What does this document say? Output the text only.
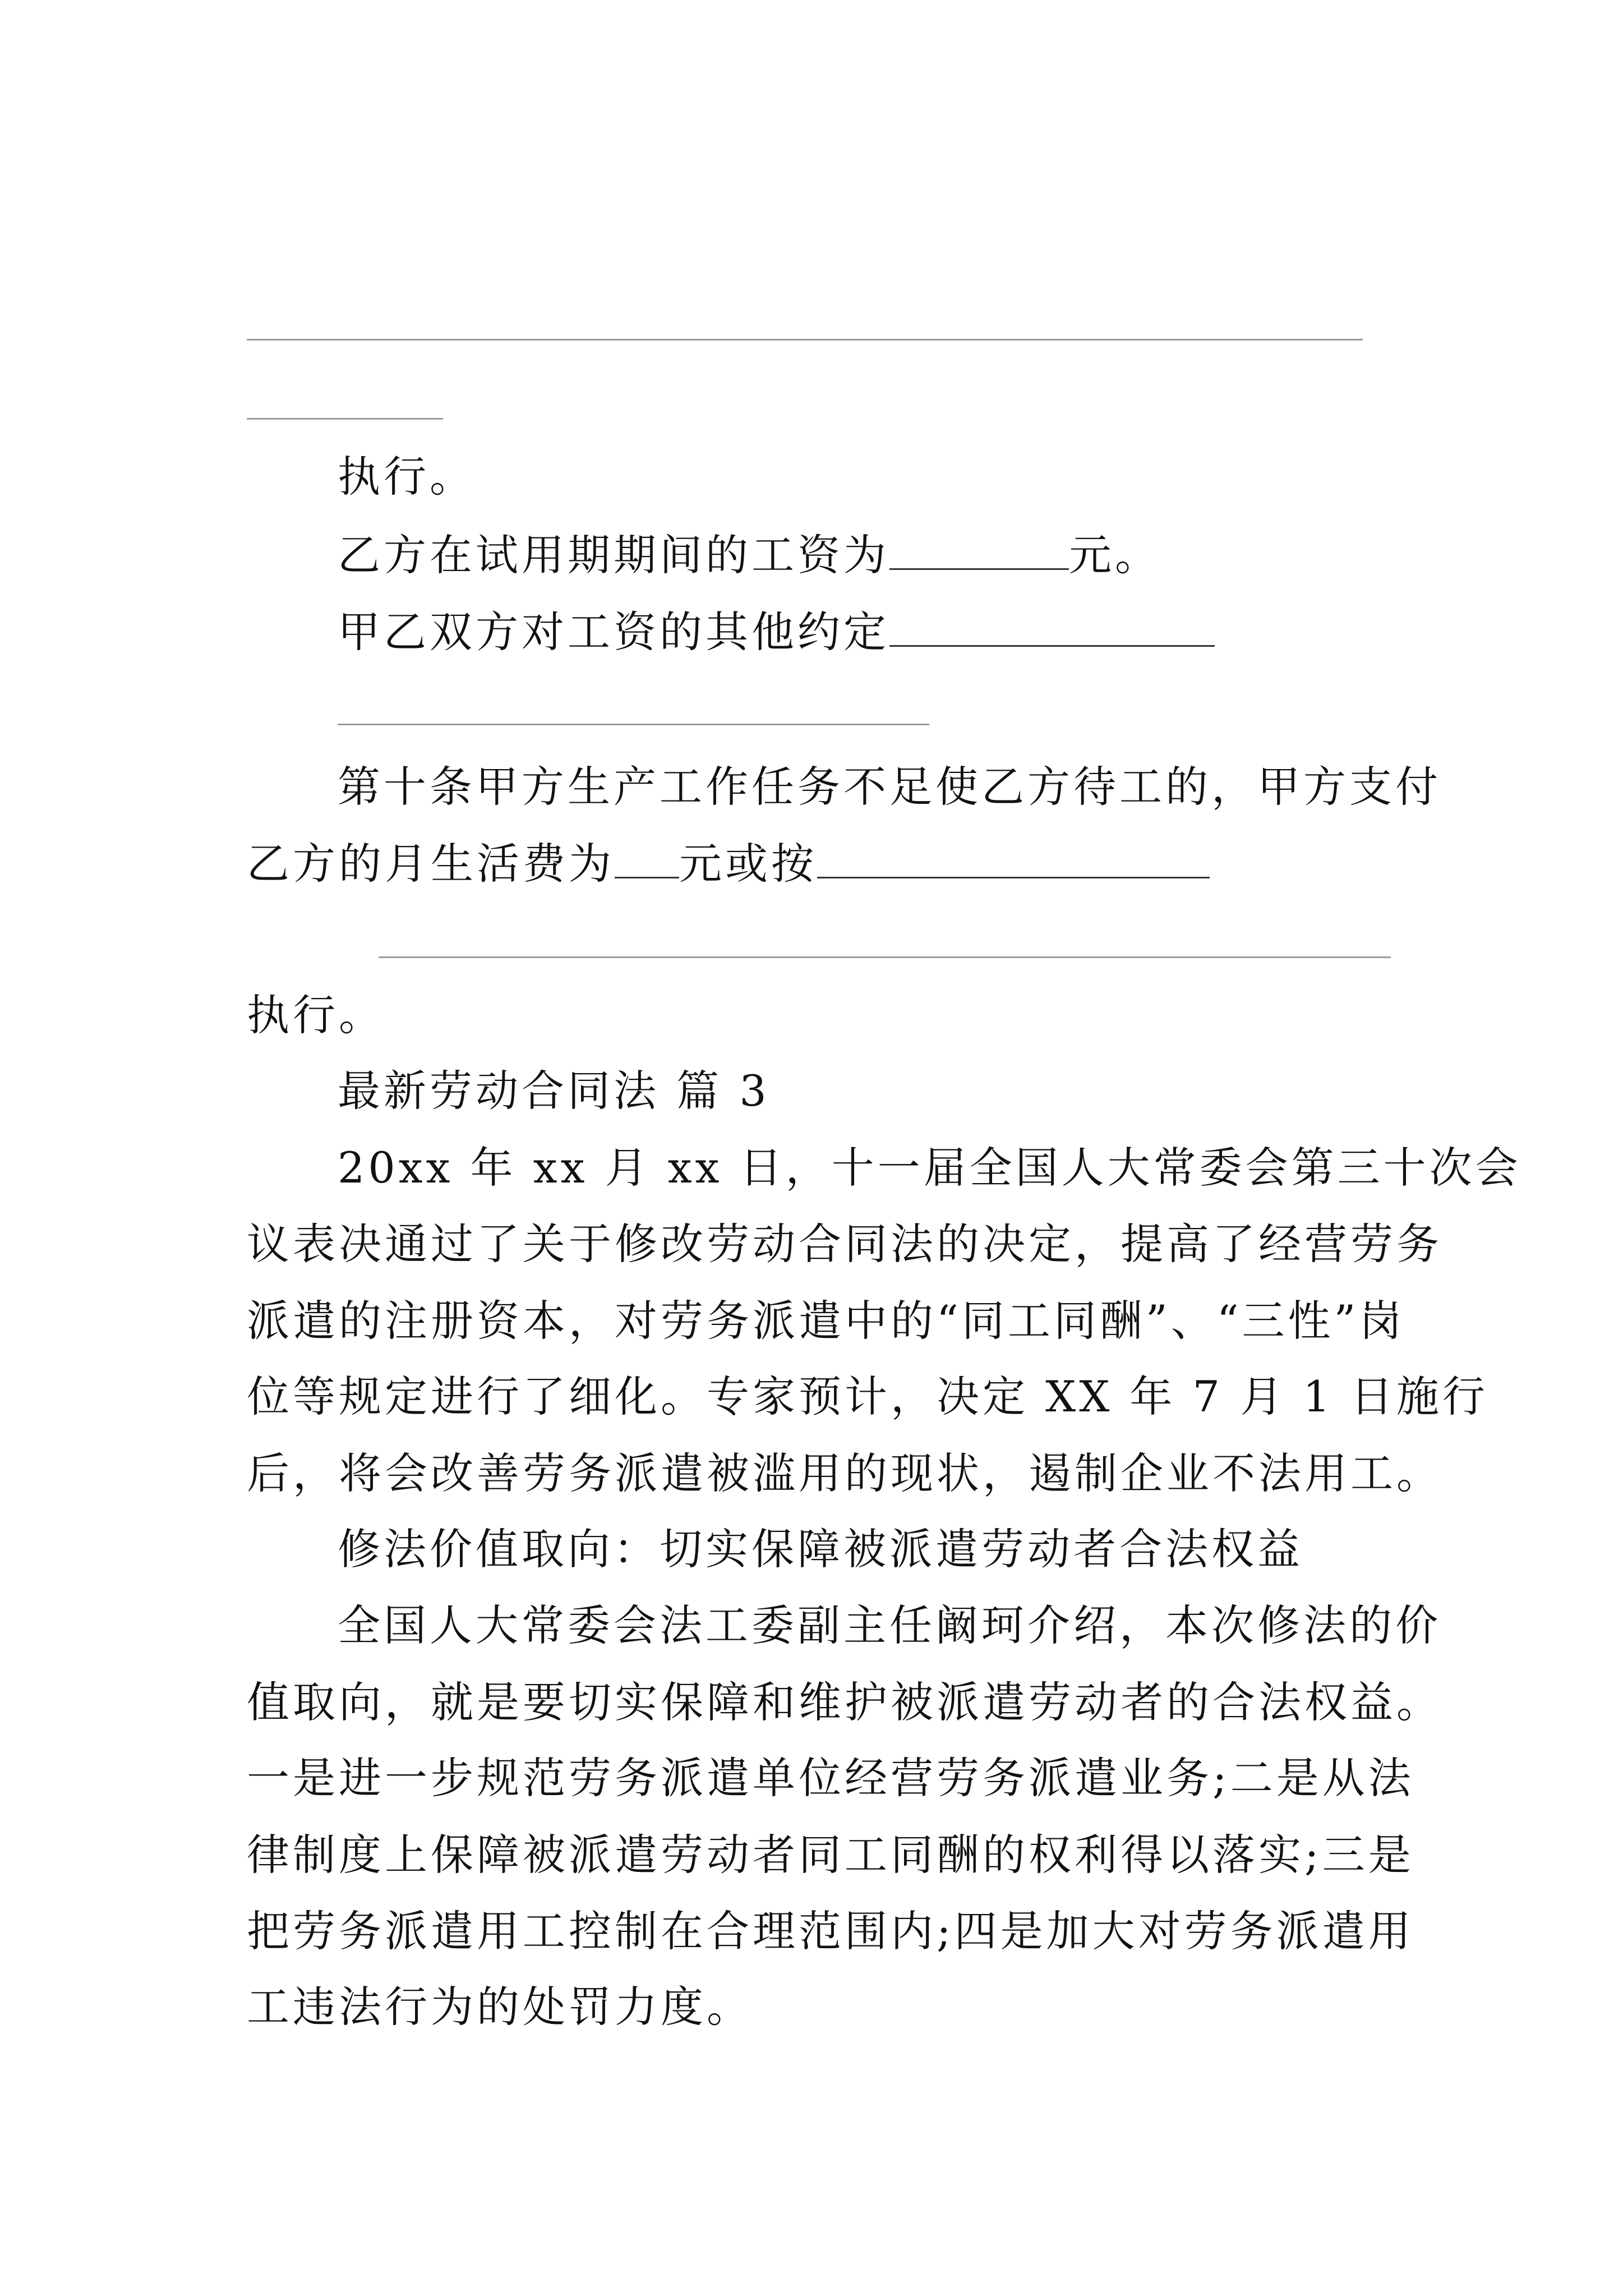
执行。
乙方在试用期期间的工资为	元。
甲乙双方对工资的其他约定
第十条甲方生产工作任务不足使乙方待工的，甲方支付
乙方的月生活费为 元或按
执行。
最新劳动合同法 篇 3
20xx 年 xx 月 xx 日，十一届全国人大常委会第三十次会
议表决通过了关于修改劳动合同法的决定，提高了经营劳务
派遣的注册资本，对劳务派遣中的“同工同酬”、“三性”岗
位等规定进行了细化。专家预计，决定 XX 年 7 月 1 日施行
后，将会改善劳务派遣被滥用的现状，遏制企业不法用工。
修法价值取向：切实保障被派遣劳动者合法权益
全国人大常委会法工委副主任阚珂介绍，本次修法的价
值取向，就是要切实保障和维护被派遣劳动者的合法权益。
一是进一步规范劳务派遣单位经营劳务派遣业务;二是从法
律制度上保障被派遣劳动者同工同酬的权利得以落实;三是
把劳务派遣用工控制在合理范围内;四是加大对劳务派遣用
工违法行为的处罚力度。
